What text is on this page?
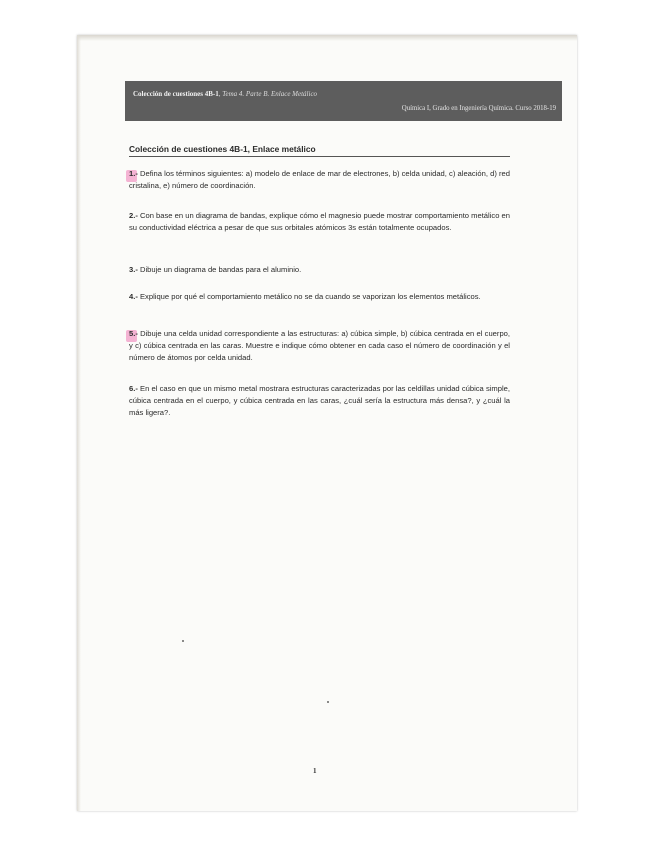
Colección de cuestiones 4B-1, Tema 4. Parte B. Enlace Metálico
Química I, Grado en Ingeniería Química. Curso 2018-19
Colección de cuestiones 4B-1, Enlace metálico
1.- Defina los términos siguientes: a) modelo de enlace de mar de electrones, b) celda unidad, c) aleación, d) red cristalina, e) número de coordinación.
2.- Con base en un diagrama de bandas, explique cómo el magnesio puede mostrar comportamiento metálico en su conductividad eléctrica a pesar de que sus orbitales atómicos 3s están totalmente ocupados.
3.- Dibuje un diagrama de bandas para el aluminio.
4.- Explique por qué el comportamiento metálico no se da cuando se vaporizan los elementos metálicos.
5.- Dibuje una celda unidad correspondiente a las estructuras: a) cúbica simple, b) cúbica centrada en el cuerpo, y c) cúbica centrada en las caras. Muestre e indique cómo obtener en cada caso el número de coordinación y el número de átomos por celda unidad.
6.- En el caso en que un mismo metal mostrara estructuras caracterizadas por las celdillas unidad cúbica simple, cúbica centrada en el cuerpo, y cúbica centrada en las caras, ¿cuál sería la estructura más densa?, y ¿cuál la más ligera?.
1
